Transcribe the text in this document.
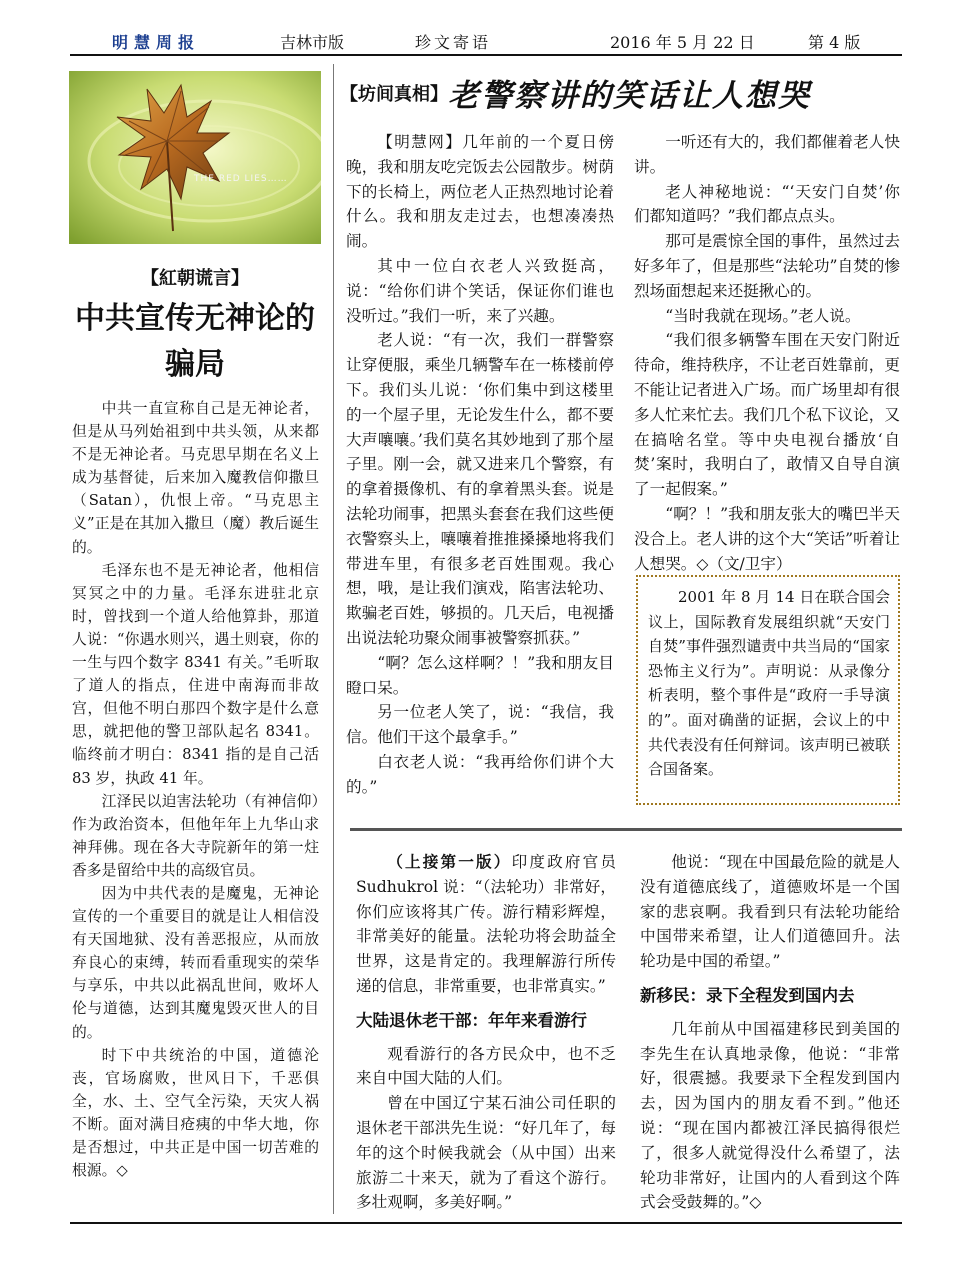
明慧周报	吉林市版	珍文寄语	2016 年 5 月 22 日	第 4 版
THE RED LIES……
【紅朝谎言】
中共宣传无神论的
骗局

中共一直宣称自己是无神论者，但是从马列始祖到中共头领，从来都不是无神论者。马克思早期在名义上成为基督徒，后来加入魔教信仰撒旦（Satan），仇恨上帝。“马克思主义”正是在其加入撒旦（魔）教后诞生的。

毛泽东也不是无神论者，他相信冥冥之中的力量。毛泽东进驻北京时，曾找到一个道人给他算卦，那道人说：“你遇水则兴，遇土则衰，你的一生与四个数字 8341 有关。”毛听取了道人的指点，住进中南海而非故宫，但他不明白那四个数字是什么意思，就把他的警卫部队起名 8341。临终前才明白：8341 指的是自己活 83 岁，执政 41 年。

江泽民以迫害法轮功（有神信仰）作为政治资本，但他年年上九华山求神拜佛。现在各大寺院新年的第一炷香多是留给中共的高级官员。

因为中共代表的是魔鬼，无神论宣传的一个重要目的就是让人相信没有天国地狱、没有善恶报应，从而放弃良心的束缚，转而看重现实的荣华与享乐，中共以此祸乱世间，败坏人伦与道德，达到其魔鬼毁灭世人的目的。

时下中共统治的中国，道德沦丧，官场腐败，世风日下，千恶俱全，水、土、空气全污染，天灾人祸不断。面对满目疮痍的中华大地，你是否想过，中共正是中国一切苦难的根源。◇

【坊间真相】老警察讲的笑话让人想哭

【明慧网】几年前的一个夏日傍晚，我和朋友吃完饭去公园散步。树荫下的长椅上，两位老人正热烈地讨论着什么。我和朋友走过去，也想凑凑热闹。

其中一位白衣老人兴致挺高，说：“给你们讲个笑话，保证你们谁也没听过。”我们一听，来了兴趣。

老人说：“有一次，我们一群警察让穿便服，乘坐几辆警车在一栋楼前停下。我们头儿说：‘你们集中到这楼里的一个屋子里，无论发生什么，都不要大声嚷嚷。’我们莫名其妙地到了那个屋子里。刚一会，就又进来几个警察，有的拿着摄像机、有的拿着黑头套。说是法轮功闹事，把黑头套套在我们这些便衣警察头上，嚷嚷着推推搡搡地将我们带进车里，有很多老百姓围观。我心想，哦，是让我们演戏，陷害法轮功、欺骗老百姓，够损的。几天后，电视播出说法轮功聚众闹事被警察抓获。”

“啊？怎么这样啊？！”我和朋友目瞪口呆。

另一位老人笑了，说：“我信，我信。他们干这个最拿手。”

白衣老人说：“我再给你们讲个大的。”

一听还有大的，我们都催着老人快讲。

老人神秘地说：“‘天安门自焚’你们都知道吗？”我们都点点头。

那可是震惊全国的事件，虽然过去好多年了，但是那些“法轮功”自焚的惨烈场面想起来还挺揪心的。

“当时我就在现场。”老人说。

“我们很多辆警车围在天安门附近待命，维持秩序，不让老百姓靠前，更不能让记者进入广场。而广场里却有很多人忙来忙去。我们几个私下议论，又在搞啥名堂。等中央电视台播放‘自焚’案时，我明白了，敢情又自导自演了一起假案。”

“啊？！”我和朋友张大的嘴巴半天没合上。老人讲的这个大“笑话”听着让人想哭。◇（文/卫宇）

2001 年 8 月 14 日在联合国会议上，国际教育发展组织就“天安门自焚”事件强烈谴责中共当局的“国家恐怖主义行为”。声明说：从录像分析表明，整个事件是“政府一手导演的”。面对确凿的证据，会议上的中共代表没有任何辩词。该声明已被联合国备案。

（上接第一版）印度政府官员 Sudhukrol 说：“（法轮功）非常好，你们应该将其广传。游行精彩辉煌，非常美好的能量。法轮功将会助益全世界，这是肯定的。我理解游行所传递的信息，非常重要，也非常真实。”

大陆退休老干部：年年来看游行

观看游行的各方民众中，也不乏来自中国大陆的人们。

曾在中国辽宁某石油公司任职的退休老干部洪先生说：“好几年了，每年的这个时候我就会（从中国）出来旅游二十来天，就为了看这个游行。多壮观啊，多美好啊。”

他说：“现在中国最危险的就是人没有道德底线了，道德败坏是一个国家的悲哀啊。我看到只有法轮功能给中国带来希望，让人们道德回升。法轮功是中国的希望。”

新移民：录下全程发到国内去

几年前从中国福建移民到美国的李先生在认真地录像，他说：“非常好，很震撼。我要录下全程发到国内去，因为国内的朋友看不到。”他还说：“现在国内都被江泽民搞得很烂了，很多人就觉得没什么希望了，法轮功非常好，让国内的人看到这个阵式会受鼓舞的。”◇
